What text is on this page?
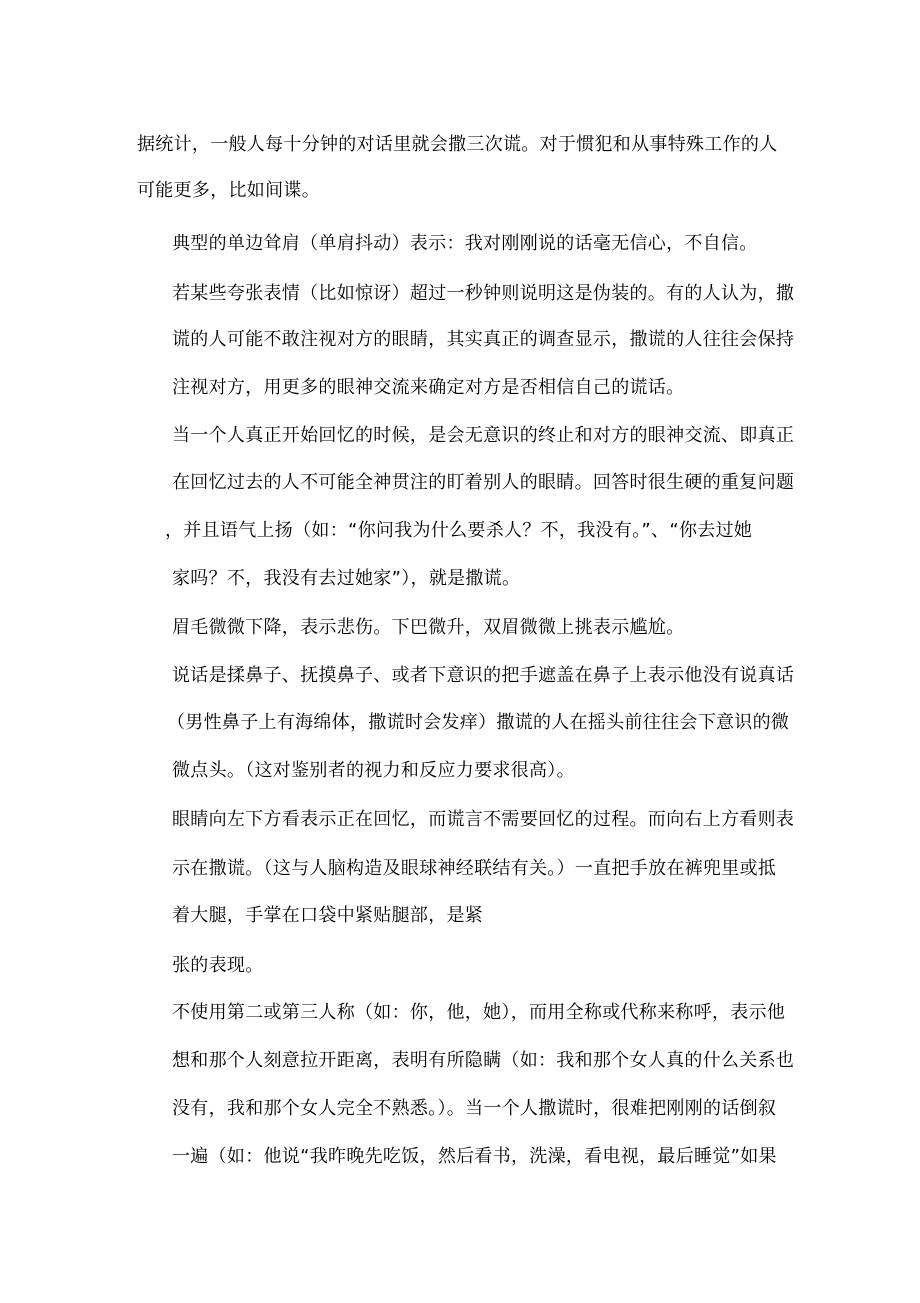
据统计，一般人每十分钟的对话里就会撒三次谎。对于惯犯和从事特殊工作的人
可能更多，比如间谍。
典型的单边耸肩（单肩抖动）表示：我对刚刚说的话毫无信心，不自信。
若某些夸张表情（比如惊讶）超过一秒钟则说明这是伪装的。有的人认为，撒
谎的人可能不敢注视对方的眼睛，其实真正的调查显示，撒谎的人往往会保持
注视对方，用更多的眼神交流来确定对方是否相信自己的谎话。
当一个人真正开始回忆的时候，是会无意识的终止和对方的眼神交流、即真正
在回忆过去的人不可能全神贯注的盯着别人的眼睛。回答时很生硬的重复问题
，并且语气上扬（如：“你问我为什么要杀人？不，我没有。”、“你去过她
家吗？不，我没有去过她家”），就是撒谎。
眉毛微微下降，表示悲伤。下巴微升，双眉微微上挑表示尴尬。
说话是揉鼻子、抚摸鼻子、或者下意识的把手遮盖在鼻子上表示他没有说真话
（男性鼻子上有海绵体，撒谎时会发痒）撒谎的人在摇头前往往会下意识的微
微点头。（这对鉴别者的视力和反应力要求很高）。
眼睛向左下方看表示正在回忆，而谎言不需要回忆的过程。而向右上方看则表
示在撒谎。（这与人脑构造及眼球神经联结有关。）一直把手放在裤兜里或抵
着大腿，手掌在口袋中紧贴腿部，是紧
张的表现。
不使用第二或第三人称（如：你，他，她），而用全称或代称来称呼，表示他
想和那个人刻意拉开距离，表明有所隐瞒（如：我和那个女人真的什么关系也
没有，我和那个女人完全不熟悉。）。当一个人撒谎时，很难把刚刚的话倒叙
一遍（如：他说“我昨晚先吃饭，然后看书，洗澡，看电视，最后睡觉”如果
